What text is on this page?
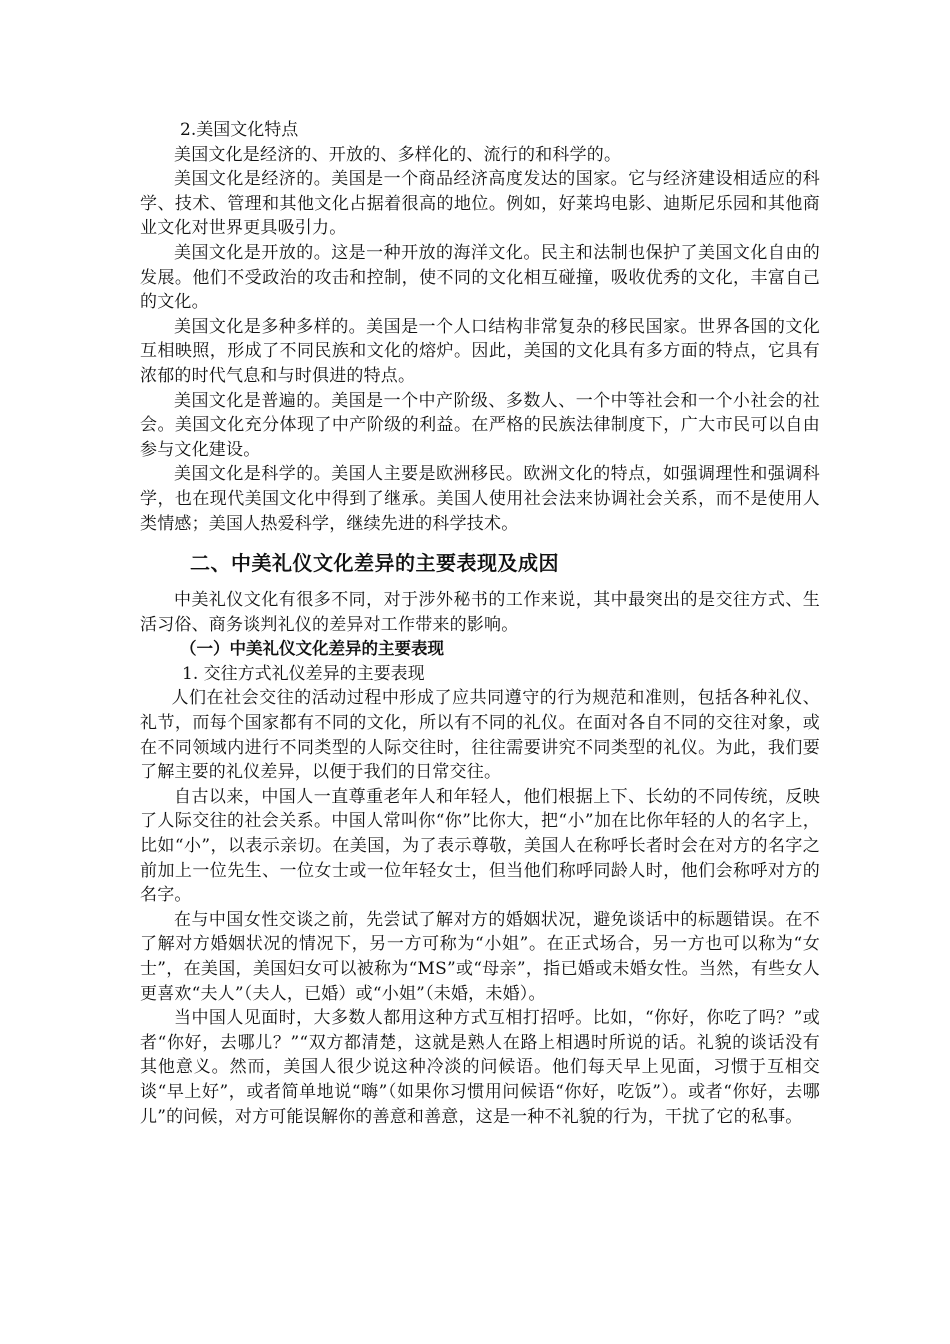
2.美国文化特点

美国文化是经济的、开放的、多样化的、流行的和科学的。

美国文化是经济的。美国是一个商品经济高度发达的国家。它与经济建设相适应的科学、技术、管理和其他文化占据着很高的地位。例如，好莱坞电影、迪斯尼乐园和其他商业文化对世界更具吸引力。

美国文化是开放的。这是一种开放的海洋文化。民主和法制也保护了美国文化自由的发展。他们不受政治的攻击和控制，使不同的文化相互碰撞，吸收优秀的文化，丰富自己的文化。

美国文化是多种多样的。美国是一个人口结构非常复杂的移民国家。世界各国的文化互相映照，形成了不同民族和文化的熔炉。因此，美国的文化具有多方面的特点，它具有浓郁的时代气息和与时俱进的特点。

美国文化是普遍的。美国是一个中产阶级、多数人、一个中等社会和一个小社会的社会。美国文化充分体现了中产阶级的利益。在严格的民族法律制度下，广大市民可以自由参与文化建设。

美国文化是科学的。美国人主要是欧洲移民。欧洲文化的特点，如强调理性和强调科学，也在现代美国文化中得到了继承。美国人使用社会法来协调社会关系，而不是使用人类情感；美国人热爱科学，继续先进的科学技术。

二、中美礼仪文化差异的主要表现及成因

中美礼仪文化有很多不同，对于涉外秘书的工作来说，其中最突出的是交往方式、生活习俗、商务谈判礼仪的差异对工作带来的影响。

（一）中美礼仪文化差异的主要表现

1. 交往方式礼仪差异的主要表现

人们在社会交往的活动过程中形成了应共同遵守的行为规范和准则，包括各种礼仪、礼节，而每个国家都有不同的文化，所以有不同的礼仪。在面对各自不同的交往对象，或在不同领域内进行不同类型的人际交往时，往往需要讲究不同类型的礼仪。为此，我们要了解主要的礼仪差异，以便于我们的日常交往。

自古以来，中国人一直尊重老年人和年轻人，他们根据上下、长幼的不同传统，反映了人际交往的社会关系。中国人常叫你“你”比你大，把“小”加在比你年轻的人的名字上，比如“小”，以表示亲切。在美国，为了表示尊敬，美国人在称呼长者时会在对方的名字之前加上一位先生、一位女士或一位年轻女士，但当他们称呼同龄人时，他们会称呼对方的名字。

在与中国女性交谈之前，先尝试了解对方的婚姻状况，避免谈话中的标题错误。在不了解对方婚姻状况的情况下，另一方可称为“小姐”。在正式场合，另一方也可以称为“女士”，在美国，美国妇女可以被称为“MS”或“母亲”，指已婚或未婚女性。当然，有些女人更喜欢“夫人”（夫人，已婚）或“小姐”（未婚，未婚）。

当中国人见面时，大多数人都用这种方式互相打招呼。比如，“你好，你吃了吗？”或者“你好，去哪儿？”“双方都清楚，这就是熟人在路上相遇时所说的话。礼貌的谈话没有其他意义。然而，美国人很少说这种冷淡的问候语。他们每天早上见面，习惯于互相交谈“早上好”，或者简单地说“嗨”（如果你习惯用问候语“你好，吃饭”）。或者“你好，去哪儿”的问候，对方可能误解你的善意和善意，这是一种不礼貌的行为，干扰了它的私事。
